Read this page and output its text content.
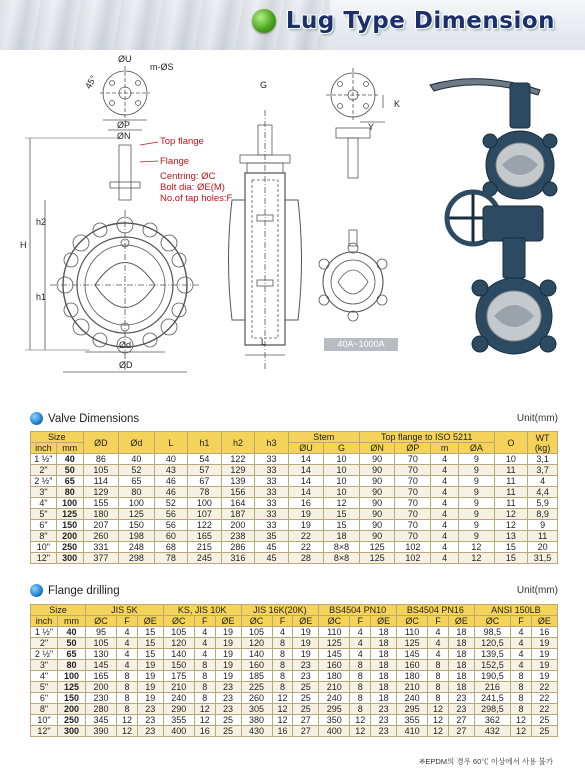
Lug Type Dimension
ØU
m-ØS
45°
ØP
ØN	Top flange
Flange
Centring: ØC
Bolt dia: ØE(M)
No.of tap holes:F
h2
h1
H
Ød
ØD
G
K
Y
L	40A~1000A
Valve Dimensions	Unit(mm)
Size		ØD	Ød	L	h1	h2	h3	Stem		Top flange to ISO 5211				O	WT
(kg)
inch	mm							ØU	G	ØN	ØP	m	ØA		
1 ½"	40	86	40	40	54	122	33	14	10	90	70	4	9	10	3,1
2"	50	105	52	43	57	129	33	14	10	90	70	4	9	11	3,7
2 ½"	65	114	65	46	67	139	33	14	10	90	70	4	9	11	4
3"	80	129	80	46	78	156	33	14	10	90	70	4	9	11	4,4
4"	100	155	100	52	100	164	33	16	12	90	70	4	9	11	5,9
5"	125	180	125	56	107	187	33	19	15	90	70	4	9	12	8,9
6"	150	207	150	56	122	200	33	19	15	90	70	4	9	12	9
8"	200	260	198	60	165	238	35	22	18	90	70	4	9	13	11
10"	250	331	248	68	215	286	45	22	8×8	125	102	4	12	15	20
12"	300	377	298	78	245	316	45	28	8×8	125	102	4	12	15	31,5
Flange drilling	Unit(mm)
Size		JIS 5K			KS, JIS 10K			JIS 16K(20K)			BS4504 PN10			BS4504 PN16			ANSI 150LB		
inch	mm	ØC	F	ØE	ØC	F	ØE	ØC	F	ØE	ØC	F	ØE	ØC	F	ØE	ØC	F	ØE
1 ½"	40	95	4	15	105	4	19	105	4	19	110	4	18	110	4	18	98,5	4	16
2"	50	105	4	15	120	4	19	120	8	19	125	4	18	125	4	18	120,5	4	19
2 ½"	65	130	4	15	140	4	19	140	8	19	145	4	18	145	4	18	139,5	4	19
3"	80	145	4	19	150	8	19	160	8	23	160	8	18	160	8	18	152,5	4	19
4"	100	165	8	19	175	8	19	185	8	23	180	8	18	180	8	18	190,5	8	19
5"	125	200	8	19	210	8	23	225	8	25	210	8	18	210	8	18	216	8	22
6"	150	230	8	19	240	8	23	260	12	25	240	8	18	240	8	23	241,5	8	22
8"	200	280	8	23	290	12	23	305	12	25	295	8	23	295	12	23	298,5	8	22
10"	250	345	12	23	355	12	25	380	12	27	350	12	23	355	12	27	362	12	25
12"	300	390	12	23	400	16	25	430	16	27	400	12	23	410	12	27	432	12	25
※EPDM의 경우 60℃ 이상에서 사용 불가
